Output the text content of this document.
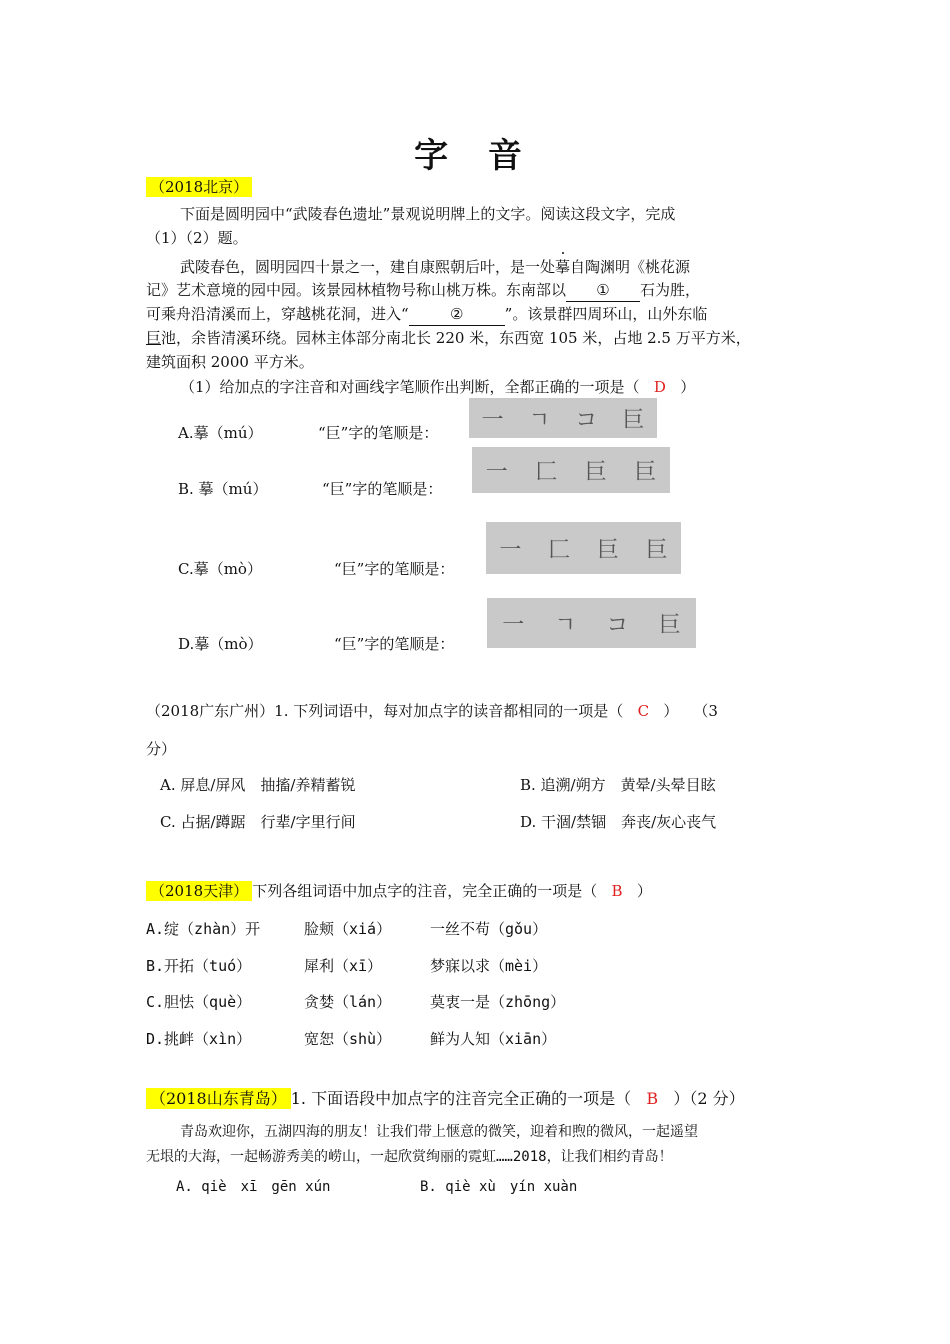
字 音
（2018北京）
下面是圆明园中“武陵春色遗址”景观说明牌上的文字。阅读这段文字，完成
（1）（2）题。
武陵春色，圆明园四十景之一，建自康熙朝后叶，是一处摹自陶渊明《桃花源
记》艺术意境的园中园。该景园林植物号称山桃万株。东南部以 ① 石为胜，
可乘舟沿清溪而上，穿越桃花洞，进入“	②	”。该景群四周环山，山外东临
巨池，余皆清溪环绕。园林主体部分南北长 220 米，东西宽 105 米，占地 2.5 万平方米，
建筑面积 2000 平方米。
（1）给加点的字注音和对画线字笔顺作出判断，全都正确的一项是（ D ）
A.摹（mú）	“巨”字的笔顺是：
一 ㄱ コ 巨
B. 摹（mú）	“巨”字的笔顺是：
一 匚 巨 巨
C.摹（mò）	“巨”字的笔顺是：
一 匚 巨 巨
D.摹（mò）	“巨”字的笔顺是：
一 ㄱ コ 巨
（2018广东广州）1. 下列词语中，每对加点字的读音都相同的一项是（ C ）　　（3
分）
A. 屏息/屏风　抽搐/养精蓄锐	B. 追溯/朔方　黄晕/头晕目眩
C. 占据/蹲踞　行辈/字里行间	D. 干涸/禁锢　奔丧/灰心丧气
（2018天津） 下列各组词语中加点字的注音，完全正确的一项是（ B ）
A.绽（zhàn）开	脸颊（xiá）	一丝不苟（gǒu）
B.开拓（tuó）	犀利（xī）	梦寐以求（mèi）
C.胆怯（què）	贪婪（lán）	莫衷一是（zhōng）
D.挑衅（xìn）	宽恕（shù）	鲜为人知（xiān）
（2018山东青岛） 1. 下面语段中加点字的注音完全正确的一项是（ B ）（2 分）
青岛欢迎你，五湖四海的朋友！让我们带上惬意的微笑，迎着和煦的微风，一起遥望
无垠的大海，一起畅游秀美的崂山，一起欣赏绚丽的霓虹……2018，让我们相约青岛！
A. qiè　xī　gēn xún	B. qiè xù　yín xuàn
